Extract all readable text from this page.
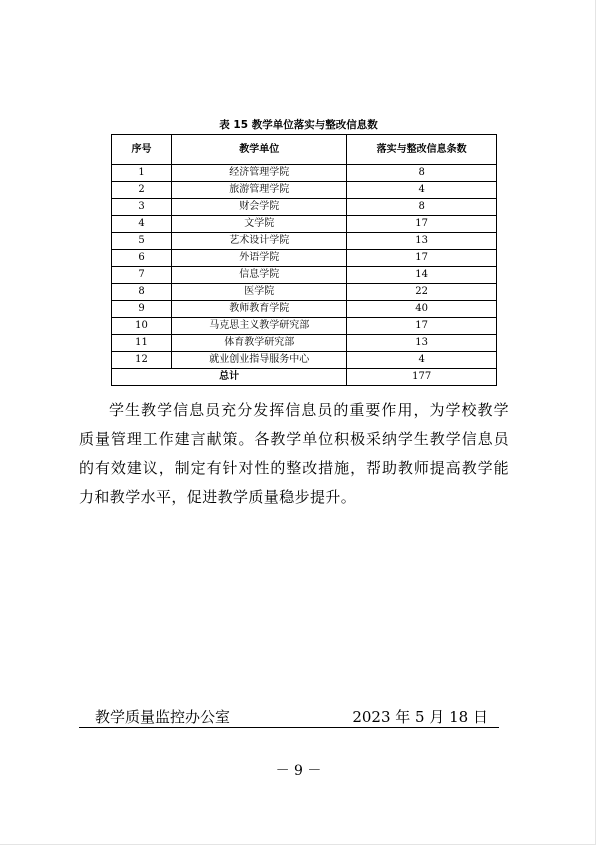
表 15 教学单位落实与整改信息数
序号	教学单位	落实与整改信息条数
1	经济管理学院	8
2	旅游管理学院	4
3	财会学院	8
4	文学院	17
5	艺术设计学院	13
6	外语学院	17
7	信息学院	14
8	医学院	22
9	教师教育学院	40
10	马克思主义教学研究部	17
11	体育教学研究部	13
12	就业创业指导服务中心	4
总计		177
学生教学信息员充分发挥信息员的重要作用，为学校教学质量管理工作建言献策。各教学单位积极采纳学生教学信息员的有效建议，制定有针对性的整改措施，帮助教师提高教学能力和教学水平，促进教学质量稳步提升。
教学质量监控办公室	2023 年 5 月 18 日
－ 9 －
